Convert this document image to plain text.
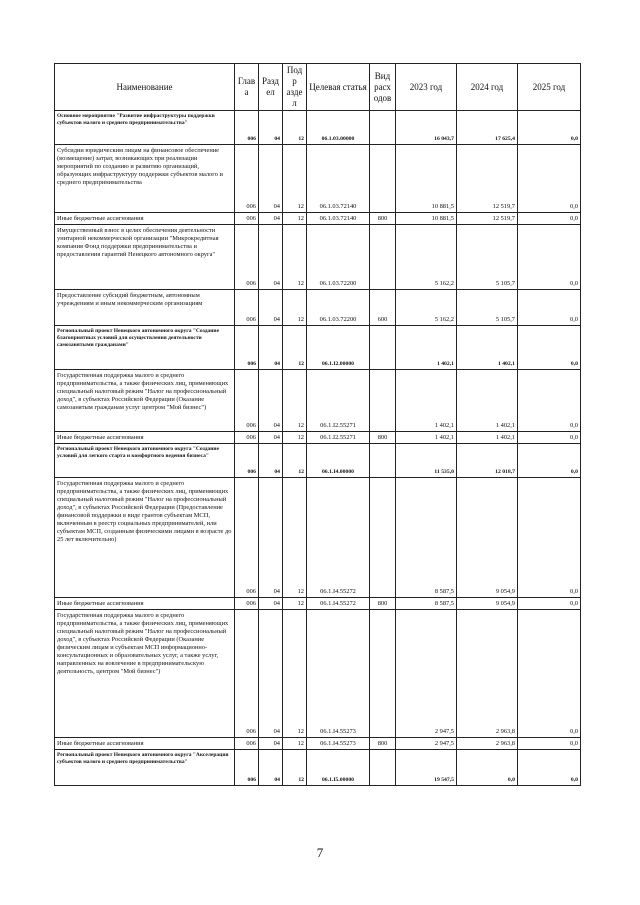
Наименование	Глав а	Разд ел	Подр аздел	Целевая статья	Вид расх одов	2023 год	2024 год	2025 год
Основное мероприятие "Развитие инфраструктуры поддержки субъектов малого и среднего предпринимательства"	006	04	12	06.1.03.00000		16 043,7	17 625,4	0,0
Субсидии юридическим лицам на финансовое обеспечение (возмещение) затрат, возникающих при реализации мероприятий по созданию и развитию организаций, образующих инфраструктуру поддержки субъектов малого и среднего предпринимательства	006	04	12	06.1.03.72140		10 881,5	12 519,7	0,0
Иные бюджетные ассигнования	006	04	12	06.1.03.72140	800	10 881,5	12 519,7	0,0
Имущественный взнос в целях обеспечения деятельности унитарной некоммерческой организации "Микрокредитная компания Фонд поддержки предпринимательства и предоставления гарантий Ненецкого автономного округа"	006	04	12	06.1.03.72200		5 162,2	5 105,7	0,0
Предоставление субсидий бюджетным, автономным учреждениям и иным некоммерческим организациям	006	04	12	06.1.03.72200	600	5 162,2	5 105,7	0,0
Региональный проект Ненецкого автономного округа "Создание благоприятных условий для осуществления деятельности самозанятыми гражданами"	006	04	12	06.1.I2.00000		1 402,1	1 402,1	0,0
Государственная поддержка малого и среднего предпринимательства, а также физических лиц, применяющих специальный налоговый режим "Налог на профессиональный доход", в субъектах Российской Федерации (Оказание самозанятым гражданам услуг центром "Мой бизнес")	006	04	12	06.1.I2.55271		1 402,1	1 402,1	0,0
Иные бюджетные ассигнования	006	04	12	06.1.I2.55271	800	1 402,1	1 402,1	0,0
Региональный проект Ненецкого автономного округа "Создание условий для легкого старта и комфортного ведения бизнеса"	006	04	12	06.1.I4.00000		11 535,0	12 018,7	0,0
Государственная поддержка малого и среднего предпринимательства, а также физических лиц, применяющих специальный налоговый режим "Налог на профессиональный доход", в субъектах Российской Федерации (Предоставление финансовой поддержки в виде грантов субъектам МСП, включенным в реестр социальных предпринимателей, или субъектам МСП, созданным физическими лицами в возрасте до 25 лет включительно)	006	04	12	06.1.I4.55272		8 587,5	9 054,9	0,0
Иные бюджетные ассигнования	006	04	12	06.1.I4.55272	800	8 587,5	9 054,9	0,0
Государственная поддержка малого и среднего предпринимательства, а также физических лиц, применяющих специальный налоговый режим "Налог на профессиональный доход", в субъектах Российской Федерации (Оказание физическим лицам и субъектам МСП информационно-консультационных и образовательных услуг, а также услуг, направленных на вовлечение в предпринимательскую деятельность, центром "Мой бизнес")	006	04	12	06.1.I4.55273		2 947,5	2 963,8	0,0
Иные бюджетные ассигнования	006	04	12	06.1.I4.55273	800	2 947,5	2 963,8	0,0
Региональный проект Ненецкого автономного округа "Акселерация субъектов малого и среднего предпринимательства"	006	04	12	06.1.I5.00000		19 547,5	0,0	0,0
7
